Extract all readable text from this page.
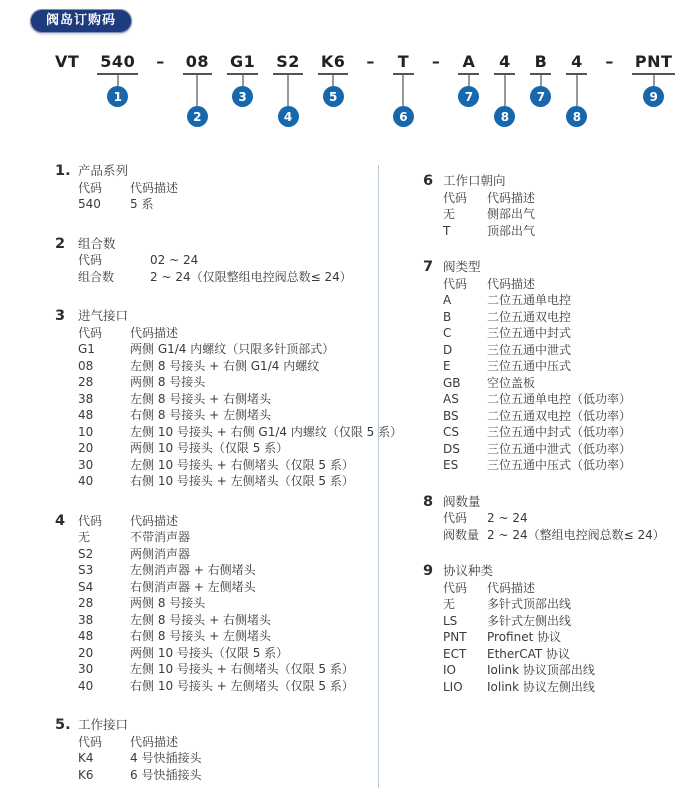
阀岛订购码
VT 540
1
– 08
2
G1
3
S2
4
K6
5
– T
6
– A
7
4
8
B
7
4
8
– PNT
9
1. 产品系列
代码	代码描述
540	5 系
2	组合数
代码	02 ~ 24
组合数	2 ~ 24（仅限整组电控阀总数≤ 24）
3	进气接口
代码	代码描述
G1	两侧 G1/4 内螺纹（只限多针顶部式）
08	左侧 8 号接头 + 右侧 G1/4 内螺纹
28	两侧 8 号接头
38	左侧 8 号接头 + 右侧堵头
48	右侧 8 号接头 + 左侧堵头
10	左侧 10 号接头 + 右侧 G1/4 内螺纹（仅限 5 系）
20	两侧 10 号接头（仅限 5 系）
30	左侧 10 号接头 + 右侧堵头（仅限 5 系）
40	右侧 10 号接头 + 左侧堵头（仅限 5 系）
4	代码	代码描述
无	不带消声器
S2	两侧消声器
S3	左侧消声器 + 右侧堵头
S4	右侧消声器 + 左侧堵头
28	两侧 8 号接头
38	左侧 8 号接头 + 右侧堵头
48	右侧 8 号接头 + 左侧堵头
20	两侧 10 号接头（仅限 5 系）
30	左侧 10 号接头 + 右侧堵头（仅限 5 系）
40	右侧 10 号接头 + 左侧堵头（仅限 5 系）
5. 工作接口
代码	代码描述
K4	4 号快插接头
K6	6 号快插接头
6 工作口朝向
代码	代码描述
无	侧部出气
T	顶部出气
7 阀类型
代码	代码描述
A	二位五通单电控
B	二位五通双电控
C	三位五通中封式
D	三位五通中泄式
E	三位五通中压式
GB	空位盖板
AS	二位五通单电控（低功率）
BS	二位五通双电控（低功率）
CS	三位五通中封式（低功率）
DS	三位五通中泄式（低功率）
ES	三位五通中压式（低功率）
8 阀数量
代码	2 ~ 24
阀数量 2 ~ 24（整组电控阀总数≤ 24）
9 协议种类
代码	代码描述
无	多针式顶部出线
LS	多针式左侧出线
PNT	Profinet 协议
ECT	EtherCAT 协议
IO	Iolink 协议顶部出线
LIO	Iolink 协议左侧出线
